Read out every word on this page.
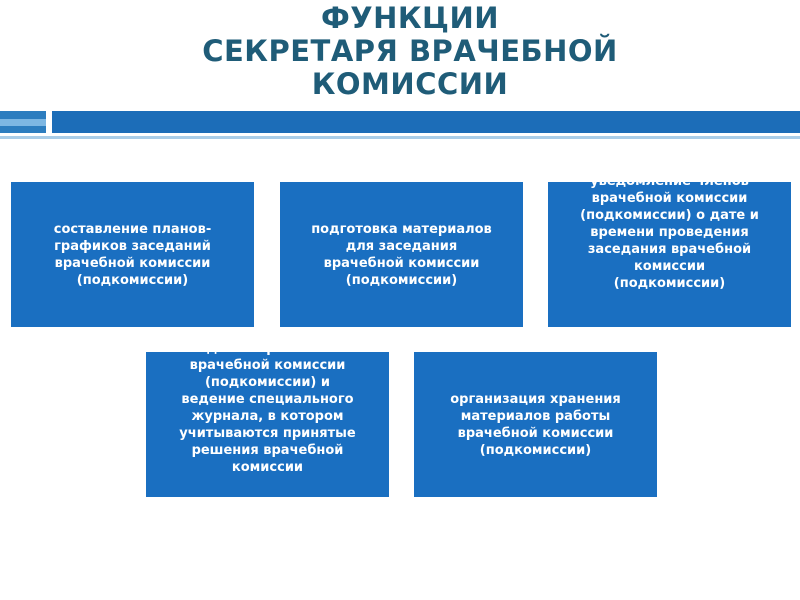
ФУНКЦИИ
СЕКРЕТАРЯ ВРАЧЕБНОЙ
КОМИССИИ
составление планов-
графиков заседаний
врачебной комиссии
(подкомиссии)
подготовка материалов
для заседания
врачебной комиссии
(подкомиссии)
уведомление членов
врачебной комиссии
(подкомиссии) о дате и
времени проведения
заседания врачебной
комиссии
(подкомиссии)
ведение протоколов
врачебной комиссии
(подкомиссии) и
ведение специального
журнала, в котором
учитываются принятые
решения врачебной
комиссии
организация хранения
материалов работы
врачебной комиссии
(подкомиссии)
